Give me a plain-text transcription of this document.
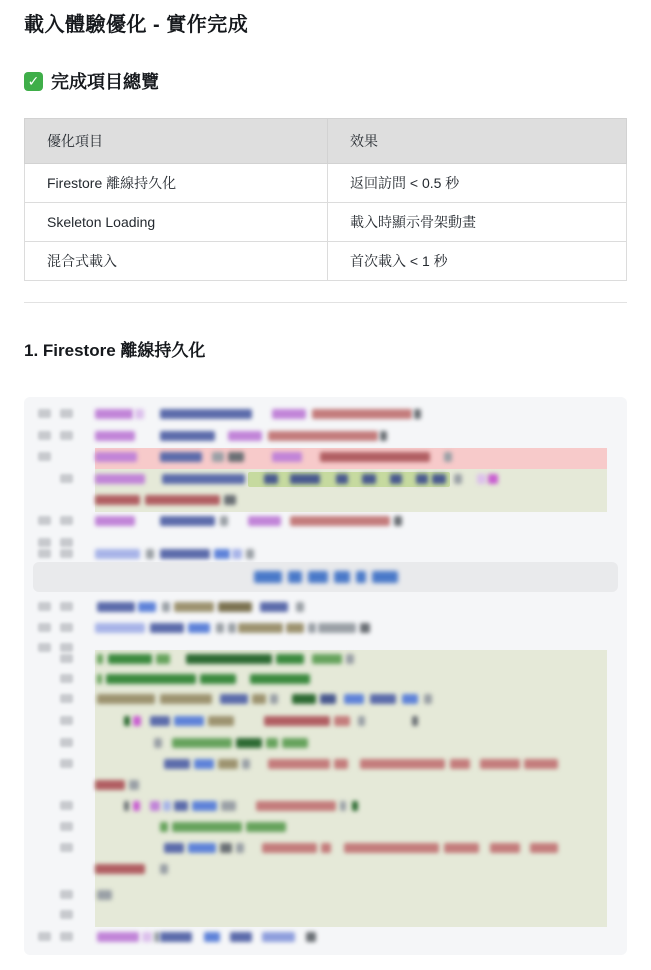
載入體驗優化 - 實作完成
✓ 完成項目總覽
優化項目	效果
Firestore 離線持久化	返回訪問 < 0.5 秒
Skeleton Loading	載入時顯示骨架動畫
混合式載入	首次載入 < 1 秒
1. Firestore 離線持久化
